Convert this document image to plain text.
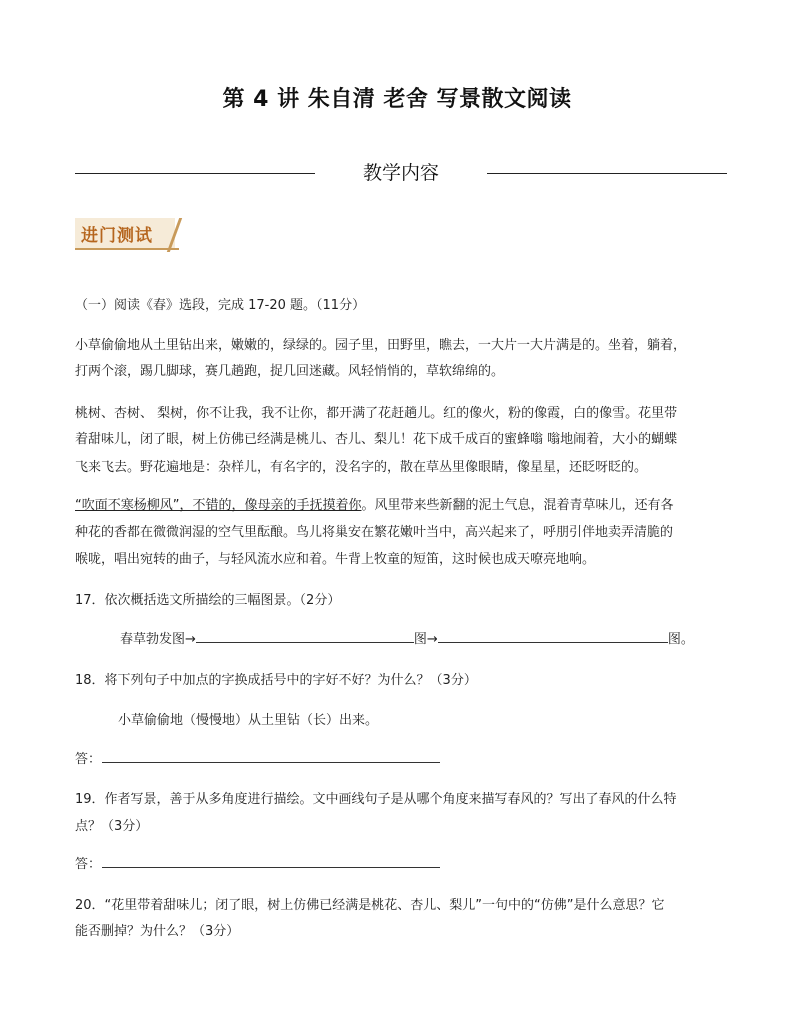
第 4 讲 朱自清 老舍 写景散文阅读
教学内容
进门测试
（一）阅读《春》选段，完成 17-20 题。（11分）
小草偷偷地从土里钻出来，嫩嫩的，绿绿的。园子里，田野里，瞧去，一大片一大片满是的。坐着，躺着，
打两个滚，踢几脚球，赛几趟跑，捉几回迷藏。风轻悄悄的，草软绵绵的。
桃树、杏树、 梨树，你不让我，我不让你，都开满了花赶趟儿。红的像火，粉的像霞，白的像雪。花里带
着甜味儿，闭了眼，树上仿佛已经满是桃儿、杏儿、梨儿！花下成千成百的蜜蜂嗡 嗡地闹着，大小的蝴蝶
飞来飞去。野花遍地是：杂样儿，有名字的，没名字的，散在草丛里像眼睛，像星星，还眨呀眨的。
“吹面不寒杨柳风”，不错的，像母亲的手抚摸着你。风里带来些新翻的泥土气息，混着青草味儿，还有各
种花的香都在微微润湿的空气里酝酿。鸟儿将巢安在繁花嫩叶当中，高兴起来了，呼朋引伴地卖弄清脆的
喉咙，唱出宛转的曲子，与轻风流水应和着。牛背上牧童的短笛，这时候也成天嘹亮地响。
17．依次概括选文所描绘的三幅图景。（2分）
春草勃发图→	图→	图。
18．将下列句子中加点的字换成括号中的字好不好？为什么？（3分）
小草偷偷地（慢慢地）从土里钻（长）出来。
答：
19．作者写景，善于从多角度进行描绘。文中画线句子是从哪个角度来描写春风的？写出了春风的什么特
点？（3分）
答：
20．“花里带着甜味儿；闭了眼，树上仿佛已经满是桃花、杏儿、梨儿”一句中的“仿佛”是什么意思？它
能否删掉？为什么？（3分）
